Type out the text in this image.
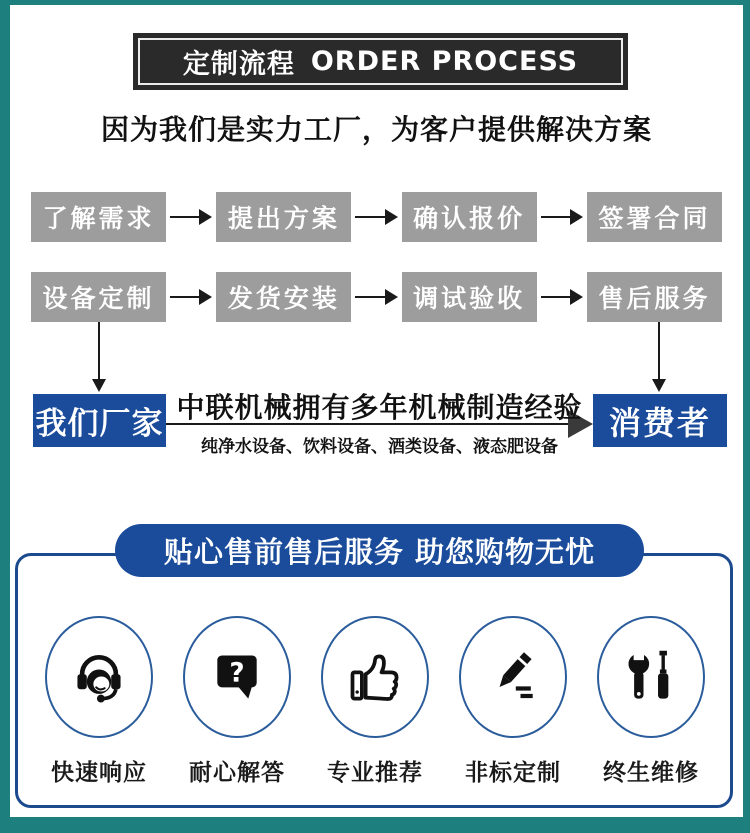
定制流程 ORDER PROCESS
因为我们是实力工厂，为客户提供解决方案
了解需求	提出方案	确认报价	签署合同
设备定制	发货安装	调试验收	售后服务
我们厂家	消费者
中联机械拥有多年机械制造经验
纯净水设备、饮料设备、酒类设备、液态肥设备
贴心售前售后服务 助您购物无忧
快速响应
?
耐心解答 专业推荐 非标定制 终生维修
